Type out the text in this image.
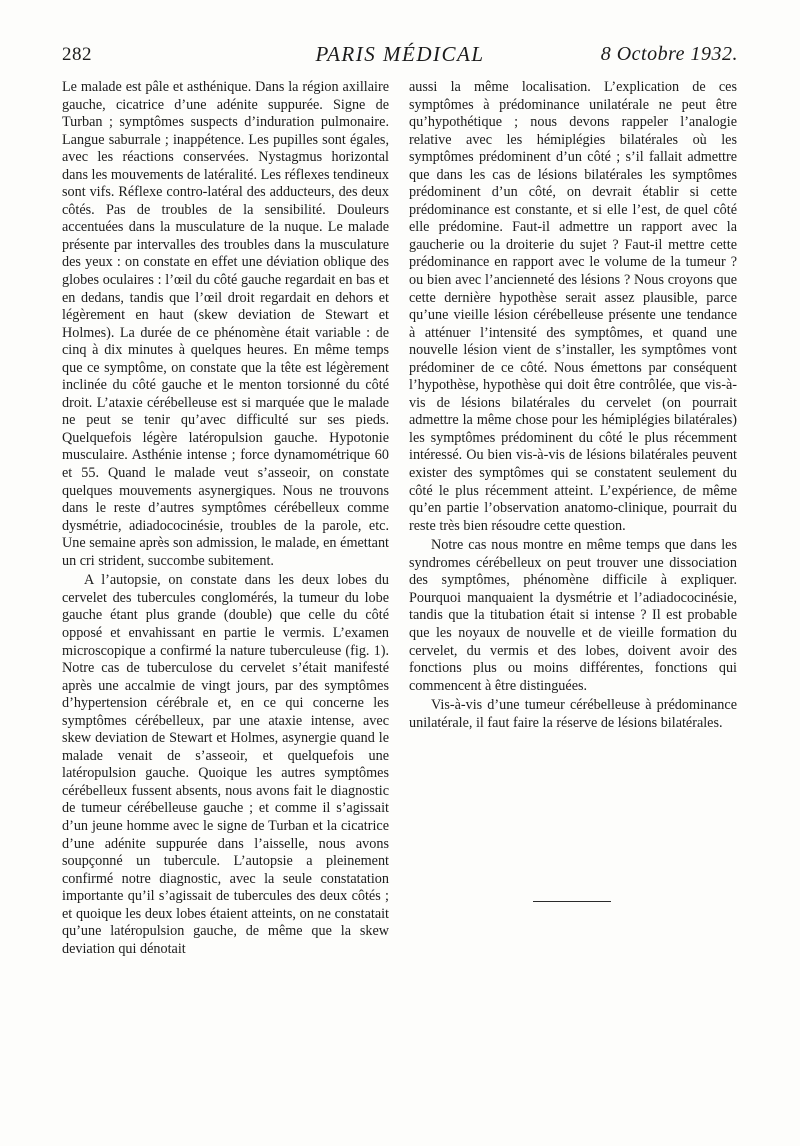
282	PARIS MÉDICAL	8 Octobre 1932.

Le malade est pâle et asthénique. Dans la région axillaire gauche, cicatrice d’une adénite suppurée. Signe de Turban ; symptômes suspects d’induration pulmonaire. Langue saburrale ; inappétence. Les pupilles sont égales, avec les réactions conservées. Nystagmus horizontal dans les mouvements de latéralité. Les réflexes tendineux sont vifs. Réflexe contro-latéral des adducteurs, des deux côtés. Pas de troubles de la sensibilité. Douleurs accentuées dans la musculature de la nuque. Le malade présente par intervalles des troubles dans la musculature des yeux : on constate en effet une déviation oblique des globes oculaires : l’œil du côté gauche regardait en bas et en dedans, tandis que l’œil droit regardait en dehors et légèrement en haut (skew deviation de Stewart et Holmes). La durée de ce phénomène était variable : de cinq à dix minutes à quelques heures. En même temps que ce symptôme, on constate que la tête est légèrement inclinée du côté gauche et le menton torsionné du côté droit. L’ataxie cérébelleuse est si marquée que le malade ne peut se tenir qu’avec difficulté sur ses pieds. Quelquefois légère latéropulsion gauche. Hypotonie musculaire. Asthénie intense ; force dynamométrique 60 et 55. Quand le malade veut s’asseoir, on constate quelques mouvements asynergiques. Nous ne trouvons dans le reste d’autres symptômes cérébelleux comme dysmétrie, adiadococinésie, troubles de la parole, etc. Une semaine après son admission, le malade, en émettant un cri strident, succombe subitement.

A l’autopsie, on constate dans les deux lobes du cervelet des tubercules conglomérés, la tumeur du lobe gauche étant plus grande (double) que celle du côté opposé et envahissant en partie le vermis. L’examen microscopique a confirmé la nature tuberculeuse (fig. 1). Notre cas de tuberculose du cervelet s’était manifesté après une accalmie de vingt jours, par des symptômes d’hypertension cérébrale et, en ce qui concerne les symptômes cérébelleux, par une ataxie intense, avec skew deviation de Stewart et Holmes, asynergie quand le malade venait de s’asseoir, et quelquefois une latéropulsion gauche. Quoique les autres symptômes cérébelleux fussent absents, nous avons fait le diagnostic de tumeur cérébelleuse gauche ; et comme il s’agissait d’un jeune homme avec le signe de Turban et la cicatrice d’une adénite suppurée dans l’aisselle, nous avons soupçonné un tubercule. L’autopsie a pleinement confirmé notre diagnostic, avec la seule constatation importante qu’il s’agissait de tubercules des deux côtés ; et quoique les deux lobes étaient atteints, on ne constatait qu’une latéropulsion gauche, de même que la skew deviation qui dénotait

aussi la même localisation. L’explication de ces symptômes à prédominance unilatérale ne peut être qu’hypothétique ; nous devons rappeler l’analogie relative avec les hémiplégies bilatérales où les symptômes prédominent d’un côté ; s’il fallait admettre que dans les cas de lésions bilatérales les symptômes prédominent d’un côté, on devrait établir si cette prédominance est constante, et si elle l’est, de quel côté elle prédomine. Faut-il admettre un rapport avec la gaucherie ou la droiterie du sujet ? Faut-il mettre cette prédominance en rapport avec le volume de la tumeur ? ou bien avec l’ancienneté des lésions ? Nous croyons que cette dernière hypothèse serait assez plausible, parce qu’une vieille lésion cérébelleuse présente une tendance à atténuer l’intensité des symptômes, et quand une nouvelle lésion vient de s’installer, les symptômes vont prédominer de ce côté. Nous émettons par conséquent l’hypothèse, hypothèse qui doit être contrôlée, que vis-à-vis de lésions bilatérales du cervelet (on pourrait admettre la même chose pour les hémiplégies bilatérales) les symptômes prédominent du côté le plus récemment intéressé. Ou bien vis-à-vis de lésions bilatérales peuvent exister des symptômes qui se constatent seulement du côté le plus récemment atteint. L’expérience, de même qu’en partie l’observation anatomo-clinique, pourrait du reste très bien résoudre cette question.

Notre cas nous montre en même temps que dans les syndromes cérébelleux on peut trouver une dissociation des symptômes, phénomène difficile à expliquer. Pourquoi manquaient la dysmétrie et l’adiadococinésie, tandis que la titubation était si intense ? Il est probable que les noyaux de nouvelle et de vieille formation du cervelet, du vermis et des lobes, doivent avoir des fonctions plus ou moins différentes, fonctions qui commencent à être distinguées.

Vis-à-vis d’une tumeur cérébelleuse à prédominance unilatérale, il faut faire la réserve de lésions bilatérales.
